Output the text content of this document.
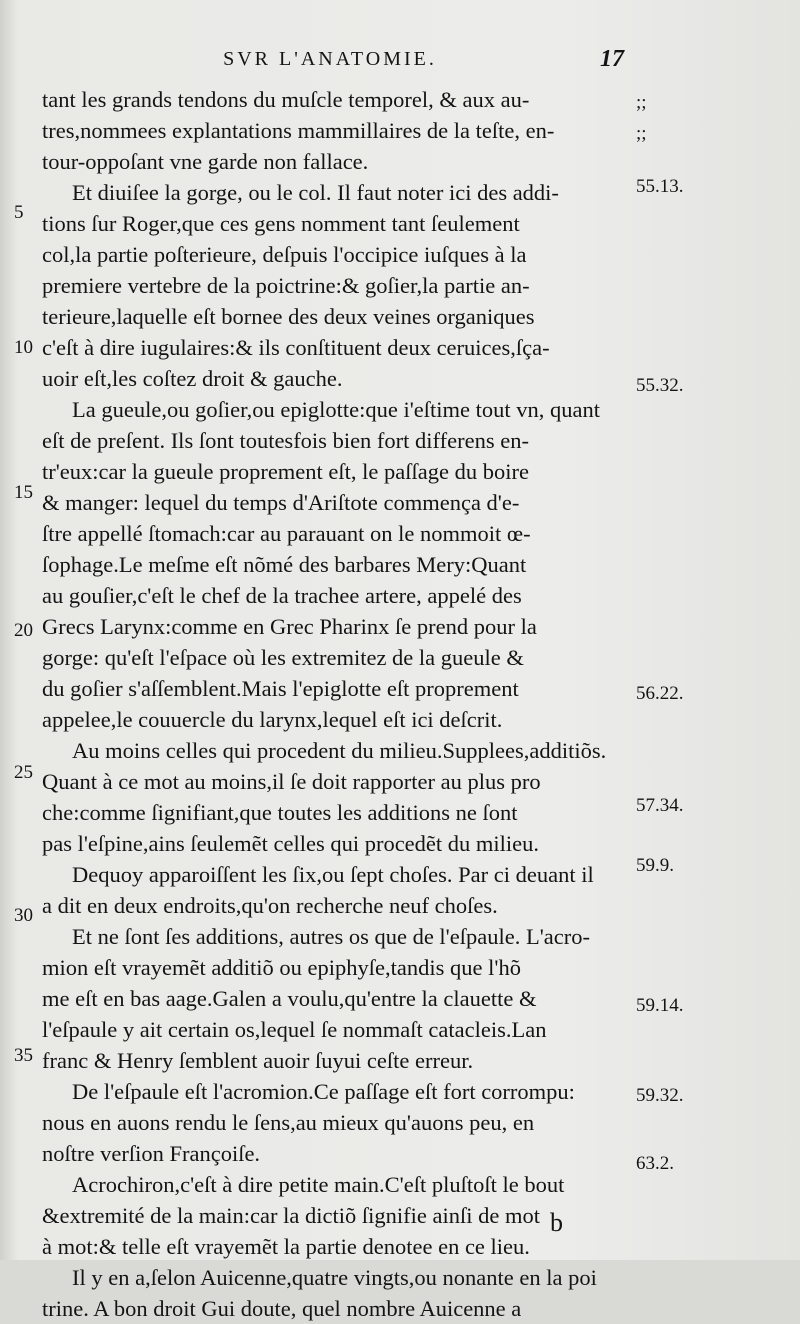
SVR L'ANATOMIE.	17
tant les grands tendons du muſcle temporel, & aux au-
tres,nommees explantations mammillaires de la teſte, en-
tour-oppoſant vne garde non fallace.
Et diuiſee la gorge, ou le col. Il faut noter ici des addi-
tions ſur Roger,que ces gens nomment tant ſeulement
col,la partie poſterieure, deſpuis l'occipice iuſques à la
premiere vertebre de la poictrine:& goſier,la partie an-
terieure,laquelle eſt bornee des deux veines organiques
c'eſt à dire iugulaires:& ils conſtituent deux ceruices,ſça-
uoir eſt,les coſtez droit & gauche.
La gueule,ou goſier,ou epiglotte:que i'eſtime tout vn, quant
eſt de preſent. Ils ſont toutesfois bien fort differens en-
tr'eux:car la gueule proprement eſt, le paſſage du boire
& manger: lequel du temps d'Ariſtote commença d'e-
ſtre appellé ſtomach:car au parauant on le nommoit œ-
ſophage.Le meſme eſt nõmé des barbares Mery:Quant
au gouſier,c'eſt le chef de la trachee artere, appelé des
Grecs Larynx:comme en Grec Pharinx ſe prend pour la
gorge: qu'eſt l'eſpace où les extremitez de la gueule &
du goſier s'aſſemblent.Mais l'epiglotte eſt proprement
appelee,le couuercle du larynx,lequel eſt ici deſcrit.
Au moins celles qui procedent du milieu.Supplees,additiõs.
Quant à ce mot au moins,il ſe doit rapporter au plus pro
che:comme ſignifiant,que toutes les additions ne ſont
pas l'eſpine,ains ſeulemẽt celles qui procedẽt du milieu.
Dequoy apparoiſſent les ſix,ou ſept choſes. Par ci deuant il
a dit en deux endroits,qu'on recherche neuf choſes.
Et ne ſont ſes additions, autres os que de l'eſpaule. L'acro-
mion eſt vrayemẽt additiõ ou epiphyſe,tandis que l'hõ
me eſt en bas aage.Galen a voulu,qu'entre la clauette &
l'eſpaule y ait certain os,lequel ſe nommaſt catacleis.Lan
franc & Henry ſemblent auoir ſuyui ceſte erreur.
De l'eſpaule eſt l'acromion.Ce paſſage eſt fort corrompu:
nous en auons rendu le ſens,au mieux qu'auons peu, en
noſtre verſion Françoiſe.
Acrochiron,c'eſt à dire petite main.C'eſt pluſtoſt le bout
&extremité de la main:car la dictiõ ſignifie ainſi de mot
à mot:& telle eſt vrayemẽt la partie denotee en ce lieu.
Il y en a,ſelon Auicenne,quatre vingts,ou nonante en la poi
trine. A bon droit Gui doute, quel nombre Auicenne a
5
10
15
20
25
30
35
;;
;;
55.13.
55.32.
56.22.
57.34.
59.9.
59.14.
59.32.
63.2.
b
